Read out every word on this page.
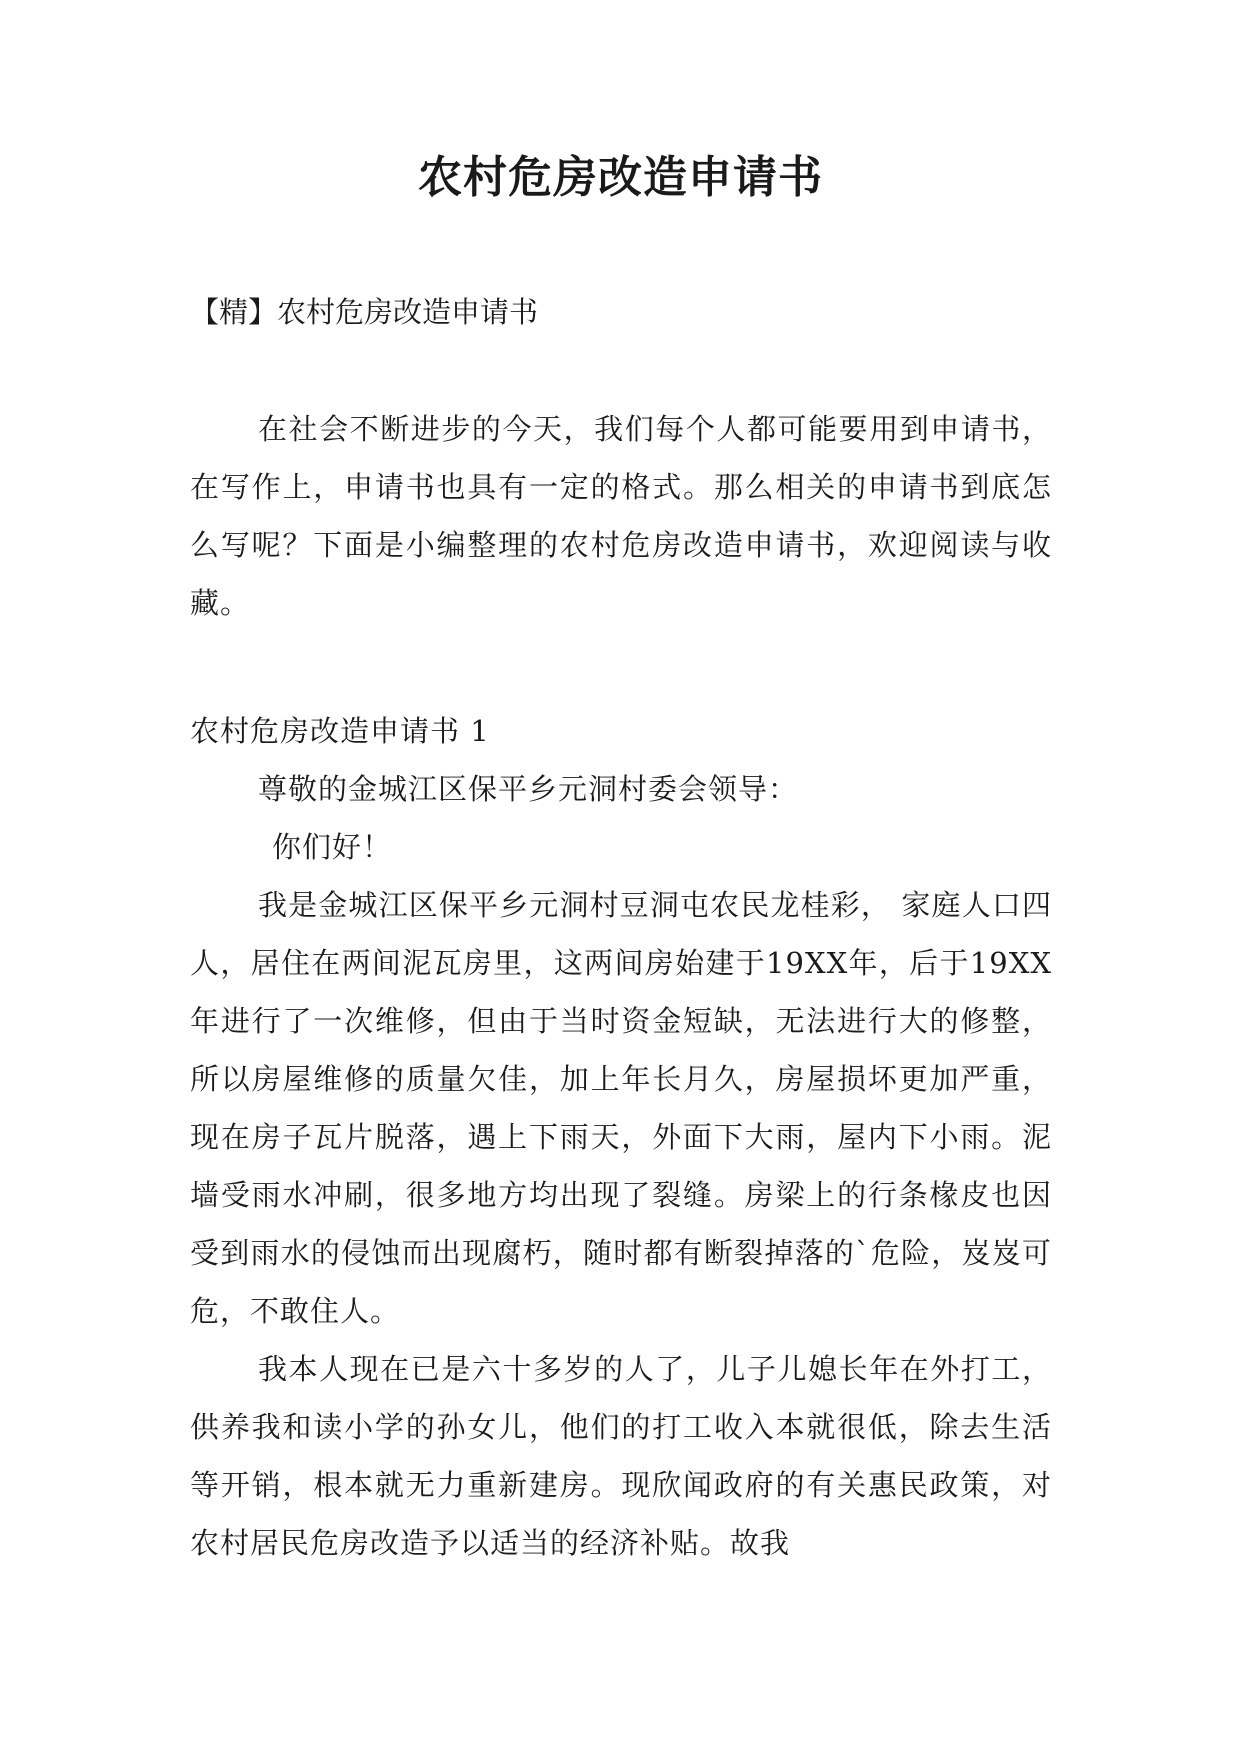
农村危房改造申请书

【精】农村危房改造申请书

在社会不断进步的今天，我们每个人都可能要用到申请书，在写作上，申请书也具有一定的格式。那么相关的申请书到底怎么写呢？下面是小编整理的农村危房改造申请书，欢迎阅读与收藏。

农村危房改造申请书 1

尊敬的金城江区保平乡元洞村委会领导：

你们好！

我是金城江区保平乡元洞村豆洞屯农民龙桂彩， 家庭人口四人，居住在两间泥瓦房里，这两间房始建于19XX年，后于19XX年进行了一次维修，但由于当时资金短缺，无法进行大的修整，所以房屋维修的质量欠佳，加上年长月久，房屋损坏更加严重，现在房子瓦片脱落，遇上下雨天，外面下大雨，屋内下小雨。泥墙受雨水冲刷，很多地方均出现了裂缝。房梁上的行条椽皮也因受到雨水的侵蚀而出现腐朽，随时都有断裂掉落的`危险，岌岌可危，不敢住人。

我本人现在已是六十多岁的人了，儿子儿媳长年在外打工，供养我和读小学的孙女儿，他们的打工收入本就很低，除去生活等开销，根本就无力重新建房。现欣闻政府的有关惠民政策，对农村居民危房改造予以适当的经济补贴。故我
